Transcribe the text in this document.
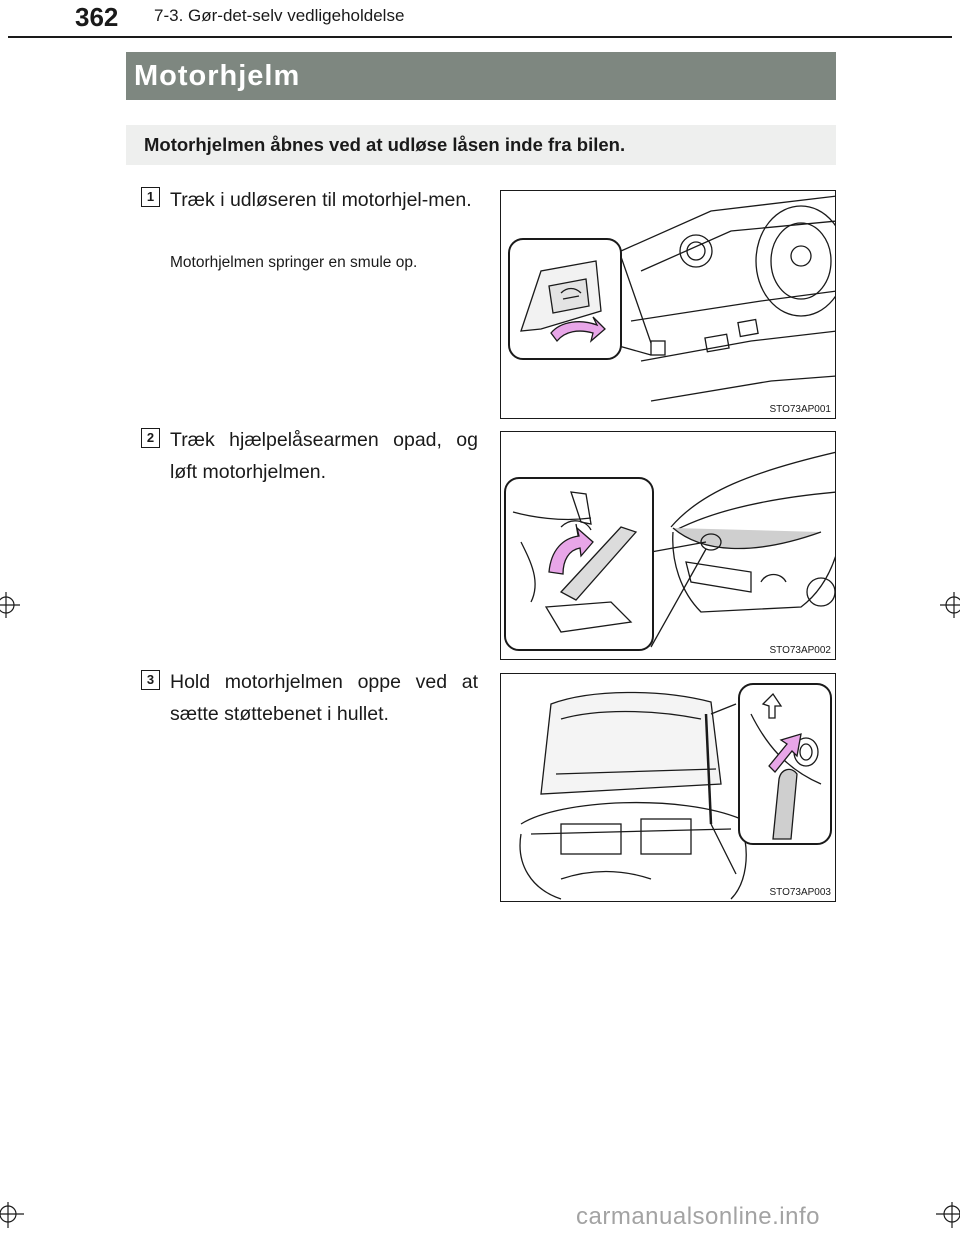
362 7-3. Gør-det-selv vedligeholdelse
Motorhjelm
Motorhjelmen åbnes ved at udløse låsen inde fra bilen.
1 Træk i udløseren til motorhjel-men.
Motorhjelmen springer en smule op.
STO73AP001
2 Træk hjælpelåsearmen opad, og løft motorhjelmen.
STO73AP002
3 Hold motorhjelmen oppe ved at sætte støttebenet i hullet.
STO73AP003
carmanualsonline.info
